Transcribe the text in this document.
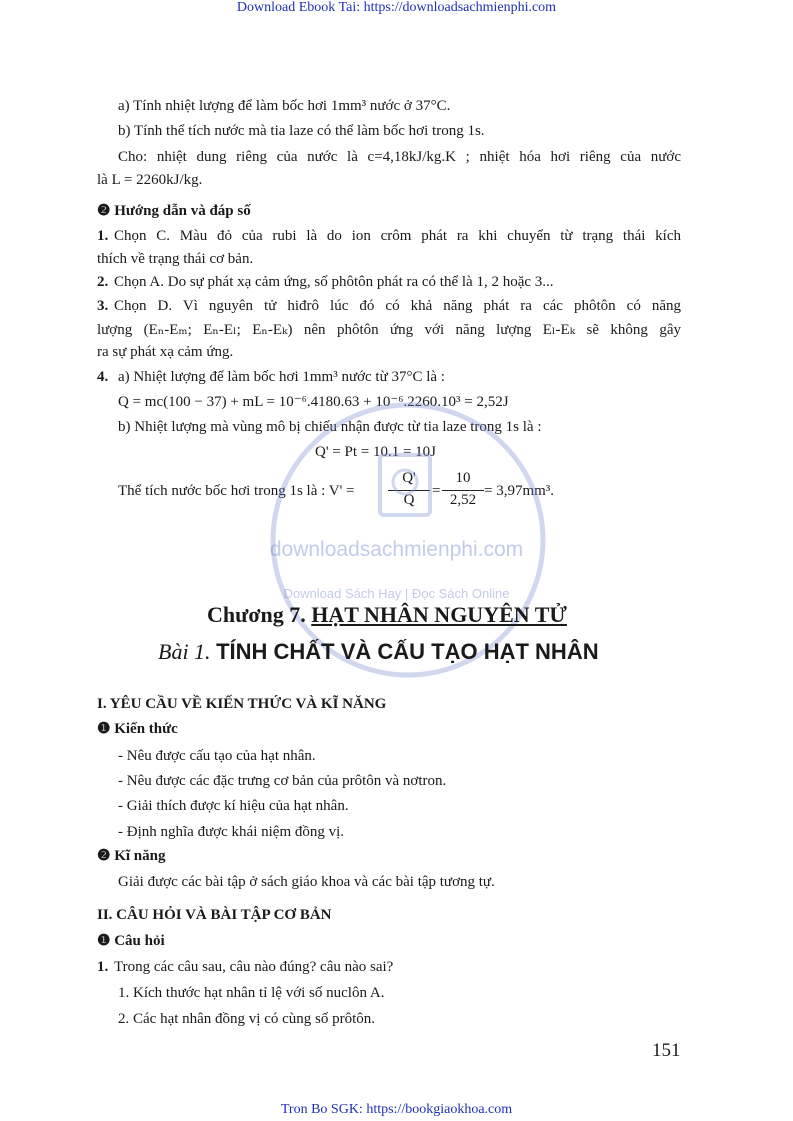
Download Ebook Tai: https://downloadsachmienphi.com
a) Tính nhiệt lượng để làm bốc hơi 1mm³ nước ở 37°C.
b) Tính thể tích nước mà tia laze có thể làm bốc hơi trong 1s.
Cho: nhiệt dung riêng của nước là c=4,18kJ/kg.K ; nhiệt hóa hơi riêng của nước
là L = 2260kJ/kg.
❷ Hướng dẫn và đáp số
1. Chọn C. Màu đỏ của rubi là do ion crôm phát ra khi chuyển từ trạng thái kích
thích về trạng thái cơ bản.
2. Chọn A. Do sự phát xạ cảm ứng, số phôtôn phát ra có thể là 1, 2 hoặc 3...
3. Chọn D. Vì nguyên tử hiđrô lúc đó có khả năng phát ra các phôtôn có năng
lượng (Eₙ-Eₘ; Eₙ-Eₗ; Eₙ-Eₖ) nên phôtôn ứng với năng lượng Eₗ-Eₖ sẽ không gây
ra sự phát xạ cảm ứng.
4. a) Nhiệt lượng để làm bốc hơi 1mm³ nước từ 37°C là :
Q = mc(100 − 37) + mL = 10⁻⁶.4180.63 + 10⁻⁶.2260.10³ = 2,52J
b) Nhiệt lượng mà vùng mô bị chiếu nhận được từ tia laze trong 1s là :
Q' = Pt = 10.1 = 10J
Thể tích nước bốc hơi trong 1s là : V' =
Q'
Q
=
10
2,52
= 3,97mm³.
downloadsachmienphi.com
Download Sách Hay | Đọc Sách Online
Chương 7. HẠT NHÂN NGUYÊN TỬ
Bài 1. TÍNH CHẤT VÀ CẤU TẠO HẠT NHÂN
I. YÊU CẦU VỀ KIẾN THỨC VÀ KĨ NĂNG
❶ Kiến thức
- Nêu được cấu tạo của hạt nhân.
- Nêu được các đặc trưng cơ bản của prôtôn và nơtron.
- Giải thích được kí hiệu của hạt nhân.
- Định nghĩa được khái niệm đồng vị.
❷ Kĩ năng
Giải được các bài tập ở sách giáo khoa và các bài tập tương tự.
II. CÂU HỎI VÀ BÀI TẬP CƠ BẢN
❶ Câu hỏi
1. Trong các câu sau, câu nào đúng? câu nào sai?
1. Kích thước hạt nhân tỉ lệ với số nuclôn A.
2. Các hạt nhân đồng vị có cùng số prôtôn.
151
Tron Bo SGK: https://bookgiaokhoa.com
